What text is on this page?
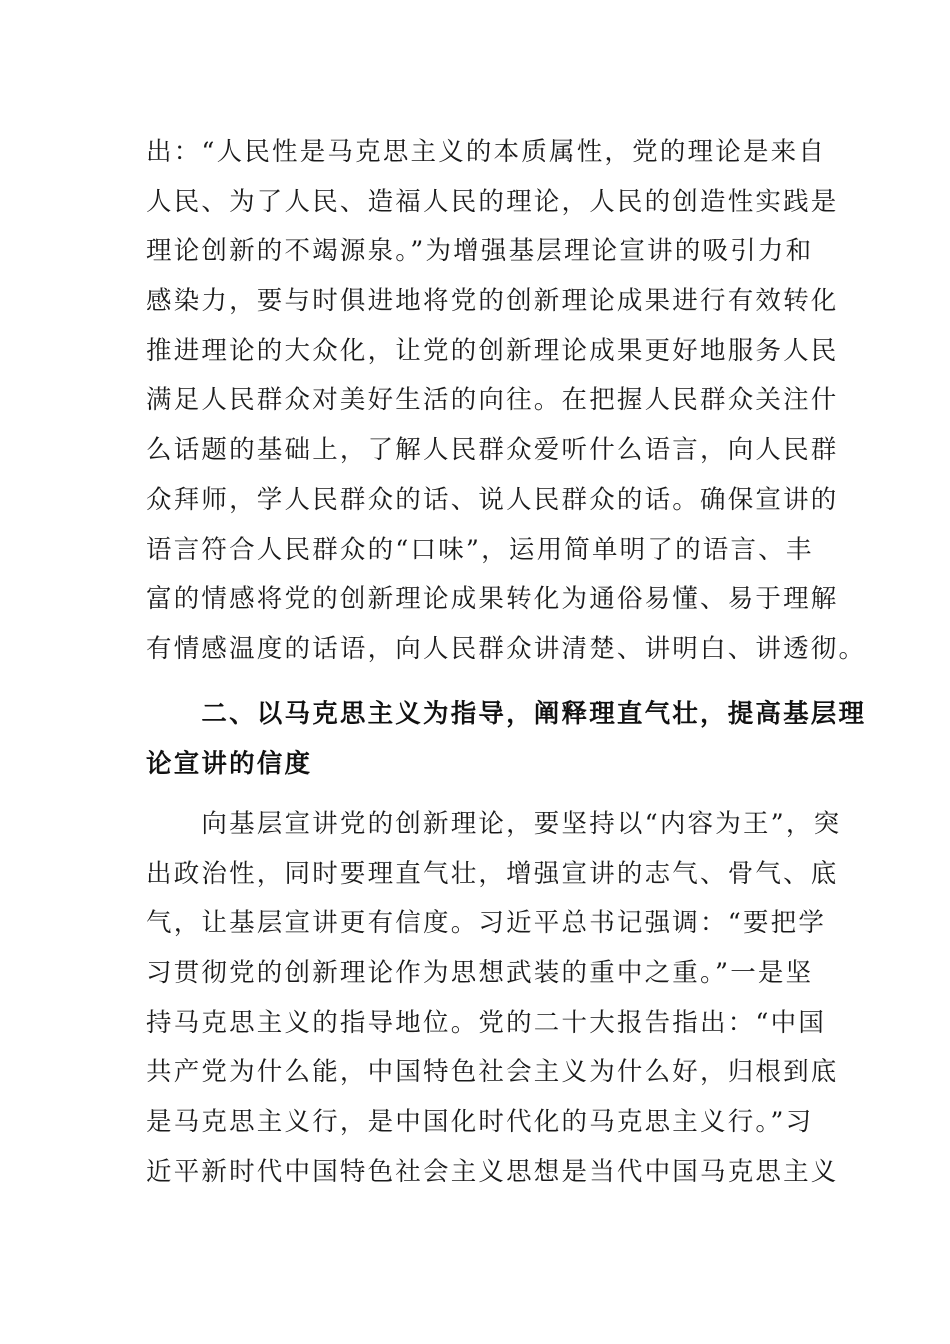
出：“人民性是马克思主义的本质属性，党的理论是来自
人民、为了人民、造福人民的理论，人民的创造性实践是
理论创新的不竭源泉。”为增强基层理论宣讲的吸引力和
感染力，要与时俱进地将党的创新理论成果进行有效转化
推进理论的大众化，让党的创新理论成果更好地服务人民
满足人民群众对美好生活的向往。在把握人民群众关注什
么话题的基础上，了解人民群众爱听什么语言，向人民群
众拜师，学人民群众的话、说人民群众的话。确保宣讲的
语言符合人民群众的“口味”，运用简单明了的语言、丰
富的情感将党的创新理论成果转化为通俗易懂、易于理解
有情感温度的话语，向人民群众讲清楚、讲明白、讲透彻。
　　二、以马克思主义为指导，阐释理直气壮，提高基层理
论宣讲的信度
　　向基层宣讲党的创新理论，要坚持以“内容为王”，突
出政治性，同时要理直气壮，增强宣讲的志气、骨气、底
气，让基层宣讲更有信度。习近平总书记强调：“要把学
习贯彻党的创新理论作为思想武装的重中之重。”一是坚
持马克思主义的指导地位。党的二十大报告指出：“中国
共产党为什么能，中国特色社会主义为什么好，归根到底
是马克思主义行，是中国化时代化的马克思主义行。”习
近平新时代中国特色社会主义思想是当代中国马克思主义
